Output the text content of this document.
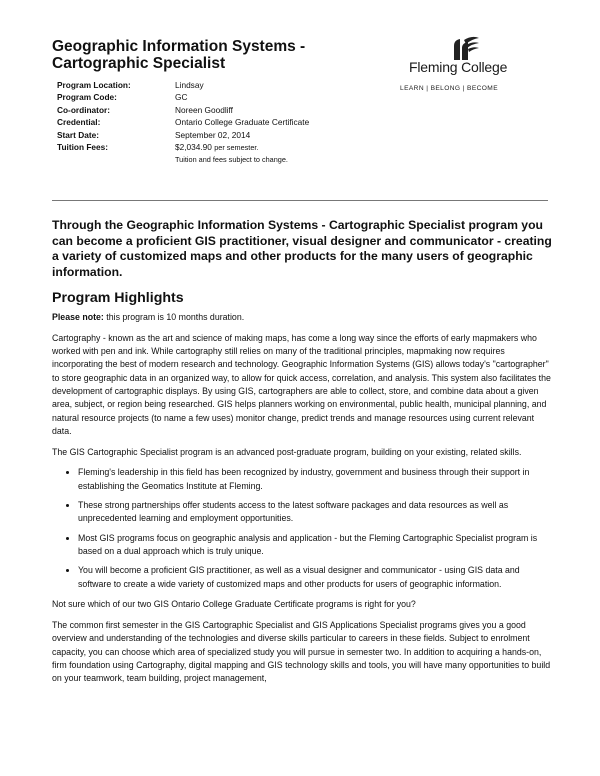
Geographic Information Systems -
Cartographic Specialist
Program Location:	Lindsay
Program Code:	GC
Co-ordinator:	Noreen Goodliff
Credential:	Ontario College Graduate Certificate
Start Date:	September 02, 2014
Tuition Fees:	$2,034.90 per semester.
Tuition and fees subject to change.
Fleming College
LEARN | BELONG | BECOME
Through the Geographic Information Systems - Cartographic Specialist program you can become a proficient GIS practitioner, visual designer and communicator - creating a variety of customized maps and other products for the many users of geographic information.
Program Highlights

Please note: this program is 10 months duration.

Cartography - known as the art and science of making maps, has come a long way since the efforts of early mapmakers who worked with pen and ink. While cartography still relies on many of the traditional principles, mapmaking now requires incorporating the best of modern research and technology. Geographic Information Systems (GIS) allows today's "cartographer" to store geographic data in an organized way, to allow for quick access, correlation, and analysis. This system also facilitates the development of cartographic displays. By using GIS, cartographers are able to collect, store, and combine data about a given area, subject, or region being researched. GIS helps planners working on environmental, public health, municipal planning, and natural resource projects (to name a few uses) monitor change, predict trends and manage resources using current relevant data.

The GIS Cartographic Specialist program is an advanced post-graduate program, building on your existing, related skills.

• Fleming's leadership in this field has been recognized by industry, government and business through their support in establishing the Geomatics Institute at Fleming.
• These strong partnerships offer students access to the latest software packages and data resources as well as unprecedented learning and employment opportunities.
• Most GIS programs focus on geographic analysis and application - but the Fleming Cartographic Specialist program is based on a dual approach which is truly unique.
• You will become a proficient GIS practitioner, as well as a visual designer and communicator - using GIS data and software to create a wide variety of customized maps and other products for users of geographic information.

Not sure which of our two GIS Ontario College Graduate Certificate programs is right for you?

The common first semester in the GIS Cartographic Specialist and GIS Applications Specialist programs gives you a good overview and understanding of the technologies and diverse skills particular to careers in these fields. Subject to enrolment capacity, you can choose which area of specialized study you will pursue in semester two. In addition to acquiring a hands-on, firm foundation using Cartography, digital mapping and GIS technology skills and tools, you will have many opportunities to build on your teamwork, team building, project management,
